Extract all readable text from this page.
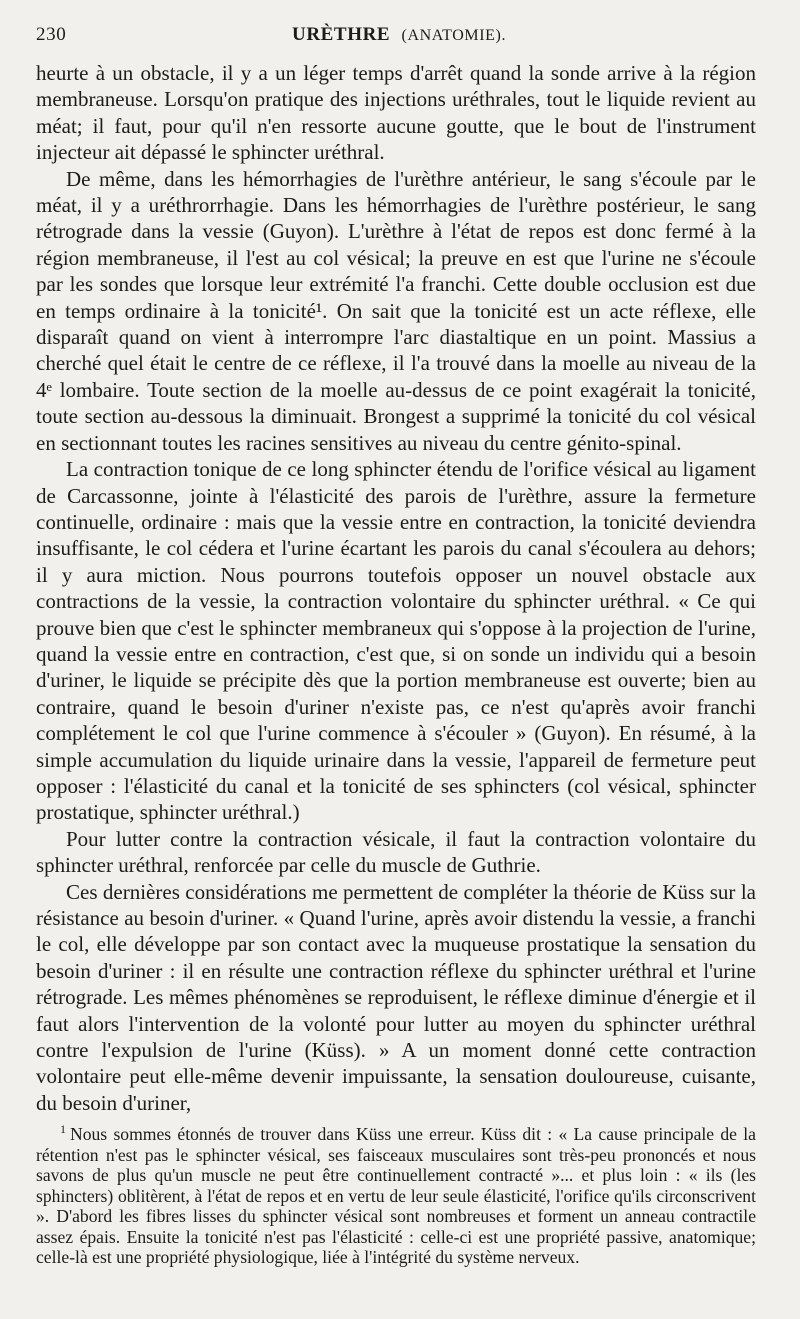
230	URÈTHRE (ANATOMIE).

heurte à un obstacle, il y a un léger temps d'arrêt quand la sonde arrive à la région membraneuse. Lorsqu'on pratique des injections uréthrales, tout le liquide revient au méat; il faut, pour qu'il n'en ressorte aucune goutte, que le bout de l'instrument injecteur ait dépassé le sphincter uréthral.

De même, dans les hémorrhagies de l'urèthre antérieur, le sang s'écoule par le méat, il y a uréthrorrhagie. Dans les hémorrhagies de l'urèthre postérieur, le sang rétrograde dans la vessie (Guyon). L'urèthre à l'état de repos est donc fermé à la région membraneuse, il l'est au col vésical; la preuve en est que l'urine ne s'écoule par les sondes que lorsque leur extrémité l'a franchi. Cette double occlusion est due en temps ordinaire à la tonicité¹. On sait que la tonicité est un acte réflexe, elle disparaît quand on vient à interrompre l'arc diastaltique en un point. Massius a cherché quel était le centre de ce réflexe, il l'a trouvé dans la moelle au niveau de la 4ᵉ lombaire. Toute section de la moelle au-dessus de ce point exagérait la tonicité, toute section au-dessous la diminuait. Brongest a supprimé la tonicité du col vésical en sectionnant toutes les racines sensitives au niveau du centre génito-spinal.

La contraction tonique de ce long sphincter étendu de l'orifice vésical au ligament de Carcassonne, jointe à l'élasticité des parois de l'urèthre, assure la fermeture continuelle, ordinaire : mais que la vessie entre en contraction, la tonicité deviendra insuffisante, le col cédera et l'urine écartant les parois du canal s'écoulera au dehors; il y aura miction. Nous pourrons toutefois opposer un nouvel obstacle aux contractions de la vessie, la contraction volontaire du sphincter uréthral. « Ce qui prouve bien que c'est le sphincter membraneux qui s'oppose à la projection de l'urine, quand la vessie entre en contraction, c'est que, si on sonde un individu qui a besoin d'uriner, le liquide se précipite dès que la portion membraneuse est ouverte; bien au contraire, quand le besoin d'uriner n'existe pas, ce n'est qu'après avoir franchi complétement le col que l'urine commence à s'écouler » (Guyon). En résumé, à la simple accumulation du liquide urinaire dans la vessie, l'appareil de fermeture peut opposer : l'élasticité du canal et la tonicité de ses sphincters (col vésical, sphincter prostatique, sphincter uréthral.)

Pour lutter contre la contraction vésicale, il faut la contraction volontaire du sphincter uréthral, renforcée par celle du muscle de Guthrie.

Ces dernières considérations me permettent de compléter la théorie de Küss sur la résistance au besoin d'uriner. « Quand l'urine, après avoir distendu la vessie, a franchi le col, elle développe par son contact avec la muqueuse prostatique la sensation du besoin d'uriner : il en résulte une contraction réflexe du sphincter uréthral et l'urine rétrograde. Les mêmes phénomènes se reproduisent, le réflexe diminue d'énergie et il faut alors l'intervention de la volonté pour lutter au moyen du sphincter uréthral contre l'expulsion de l'urine (Küss). » A un moment donné cette contraction volontaire peut elle-même devenir impuissante, la sensation douloureuse, cuisante, du besoin d'uriner,

$^1$ Nous sommes étonnés de trouver dans Küss une erreur. Küss dit : « La cause principale de la rétention n'est pas le sphincter vésical, ses faisceaux musculaires sont très-peu prononcés et nous savons de plus qu'un muscle ne peut être continuellement contracté »... et plus loin : « ils (les sphincters) oblitèrent, à l'état de repos et en vertu de leur seule élasticité, l'orifice qu'ils circonscrivent ». D'abord les fibres lisses du sphincter vésical sont nombreuses et forment un anneau contractile assez épais. Ensuite la tonicité n'est pas l'élasticité : celle-ci est une propriété passive, anatomique; celle-là est une propriété physiologique, liée à l'intégrité du système nerveux.
